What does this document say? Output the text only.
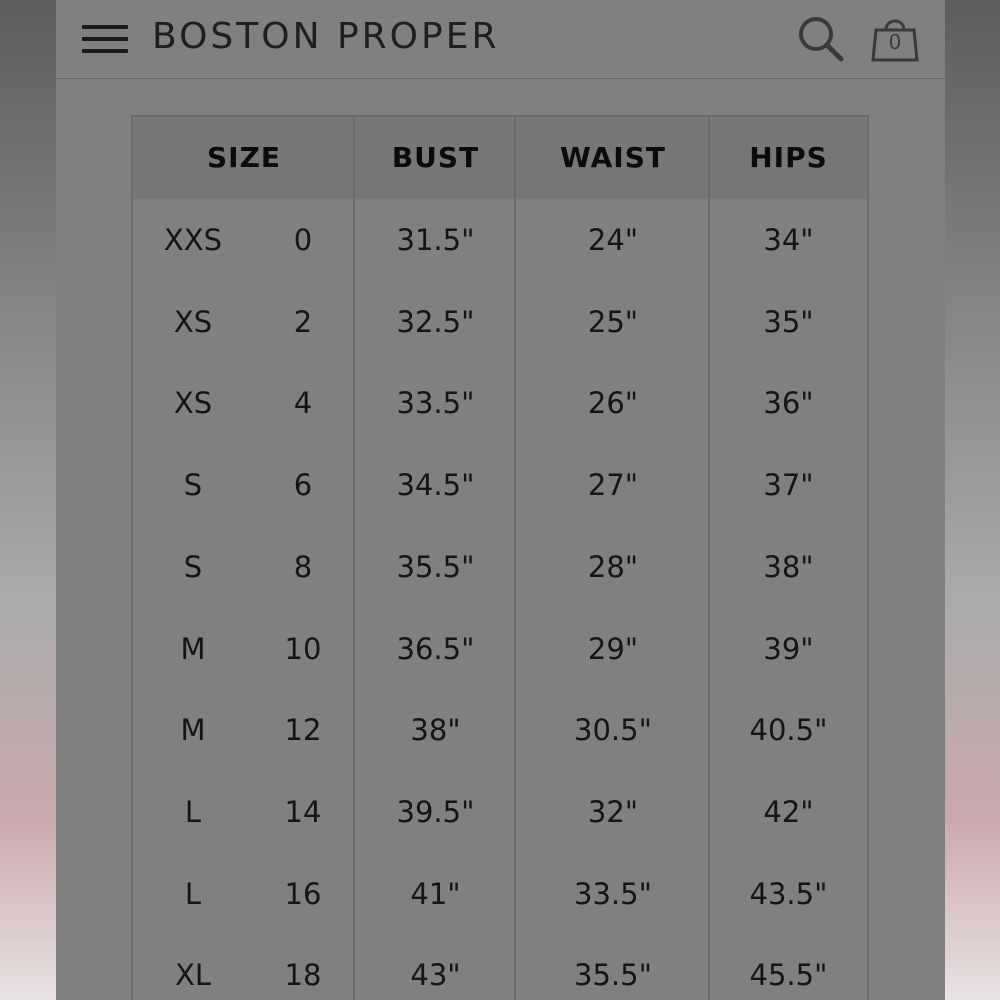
BOSTON PROPER	0
SIZE	BUST	WAIST	HIPS
XXS	0	31.5"	24"	34"
XS	2	32.5"	25"	35"
XS	4	33.5"	26"	36"
S	6	34.5"	27"	37"
S	8	35.5"	28"	38"
M	10	36.5"	29"	39"
M	12	38"	30.5"	40.5"
L	14	39.5"	32"	42"
L	16	41"	33.5"	43.5"
XL	18	43"	35.5"	45.5"
